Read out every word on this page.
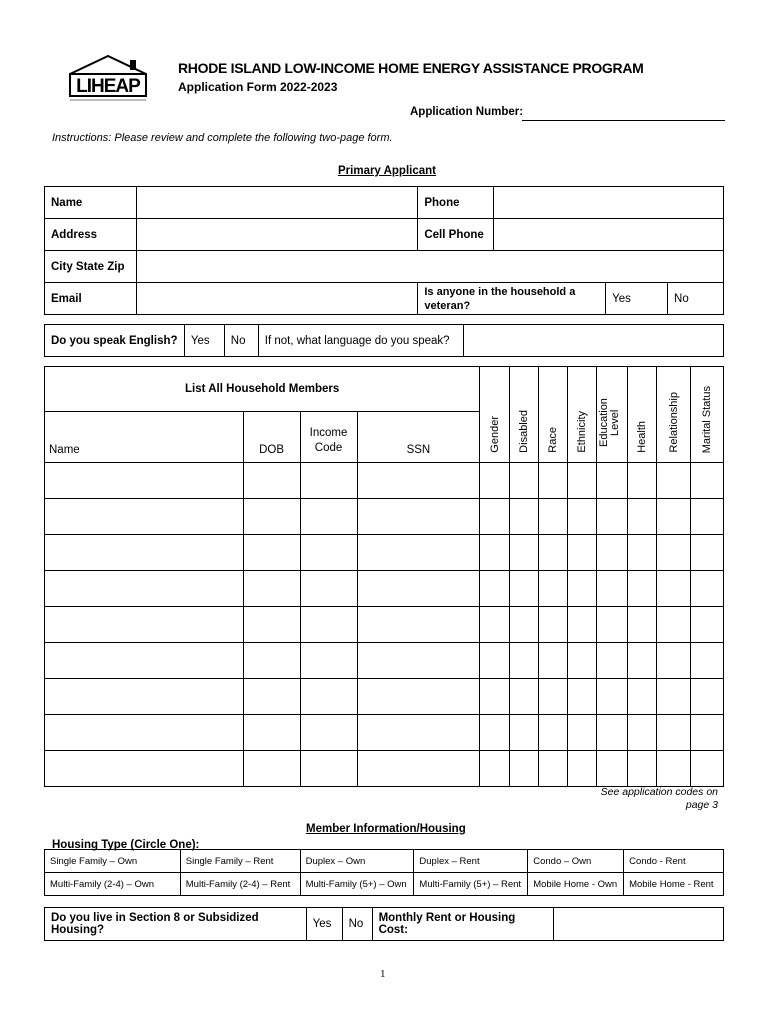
LIHEAP
RHODE ISLAND LOW-INCOME HOME ENERGY ASSISTANCE PROGRAM
Application Form 2022-2023
Application Number:
Instructions: Please review and complete the following two-page form.
Primary Applicant
Name		Phone			
Address		Cell Phone			
City State Zip					
Email		Is anyone in the household a veteran?		Yes	No
Do you speak English?	Yes	No	If not, what language do you speak?	
List All Household Members				Gender	Disabled	Race	Ethnicity	Education Level	Health	Relationship	Marital Status
Name	DOB	Income Code	SSN								

See application codes on page 3
Member Information/Housing
Housing Type (Circle One):
Single Family – Own	Single Family – Rent	Duplex – Own	Duplex – Rent	Condo – Own	Condo - Rent
Multi-Family (2-4) – Own	Multi-Family (2-4) – Rent	Multi-Family (5+) – Own	Multi-Family (5+) – Rent	Mobile Home - Own	Mobile Home - Rent
Do you live in Section 8 or Subsidized Housing?	Yes	No	Monthly Rent or Housing Cost:	
1
